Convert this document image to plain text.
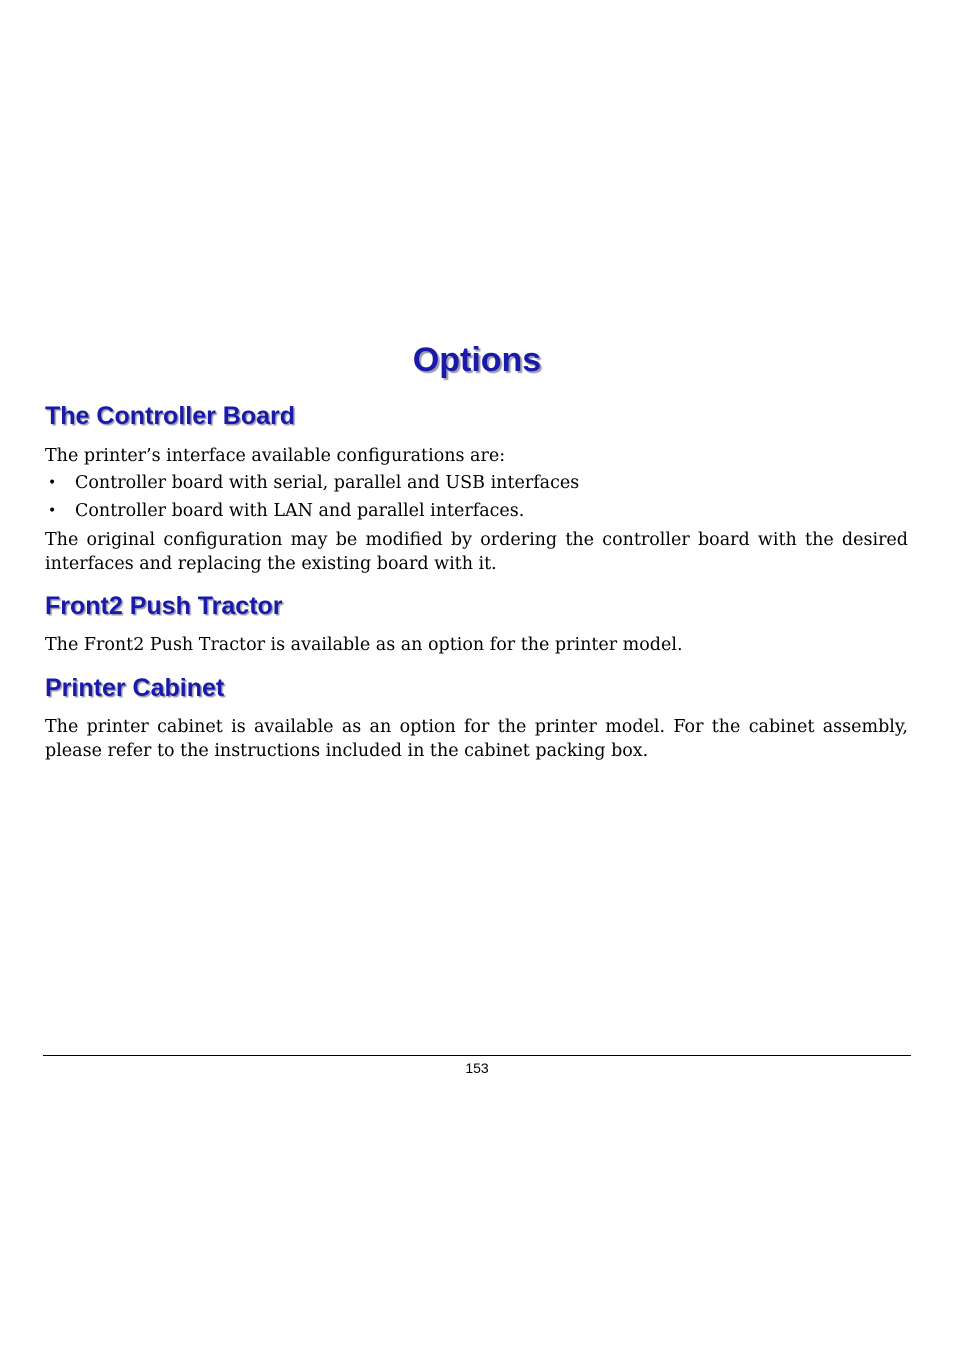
Options
The Controller Board

The printer’s interface available configurations are:

• Controller board with serial, parallel and USB interfaces
• Controller board with LAN and parallel interfaces.

The original configuration may be modified by ordering the controller board with the desired interfaces and replacing the existing board with it.

Front2 Push Tractor

The Front2 Push Tractor is available as an option for the printer model.

Printer Cabinet

The printer cabinet is available as an option for the printer model. For the cabinet assembly, please refer to the instructions included in the cabinet packing box.

153
